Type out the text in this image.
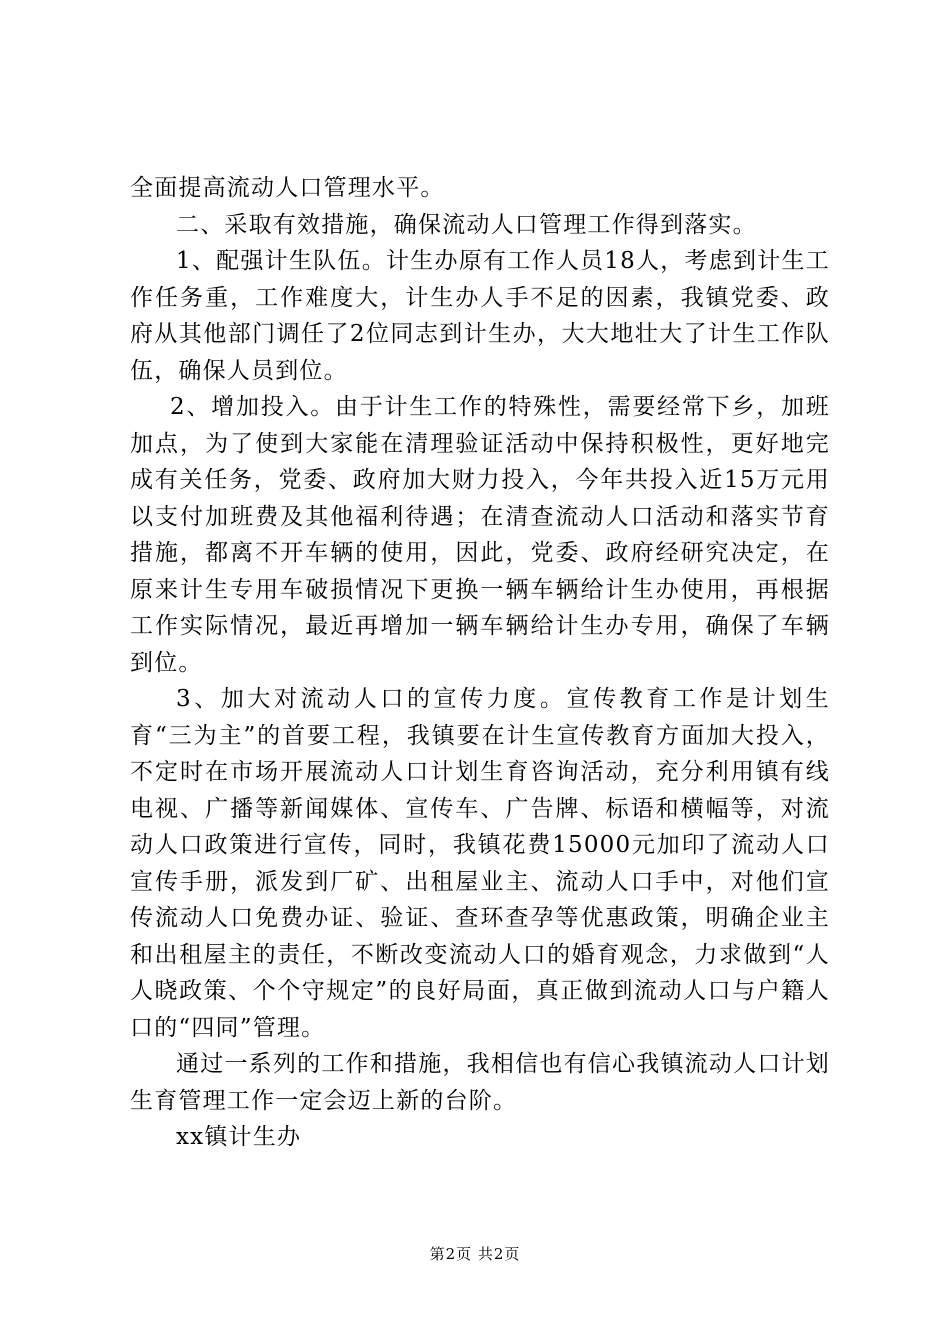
全面提高流动人口管理水平。

二、采取有效措施，确保流动人口管理工作得到落实。

1、配强计生队伍。计生办原有工作人员18人，考虑到计生工作任务重，工作难度大，计生办人手不足的因素，我镇党委、政府从其他部门调任了2位同志到计生办，大大地壮大了计生工作队伍，确保人员到位。

2、增加投入。由于计生工作的特殊性，需要经常下乡，加班加点，为了使到大家能在清理验证活动中保持积极性，更好地完成有关任务，党委、政府加大财力投入，今年共投入近15万元用以支付加班费及其他福利待遇；在清查流动人口活动和落实节育措施，都离不开车辆的使用，因此，党委、政府经研究决定，在原来计生专用车破损情况下更换一辆车辆给计生办使用，再根据工作实际情况，最近再增加一辆车辆给计生办专用，确保了车辆到位。

3、加大对流动人口的宣传力度。宣传教育工作是计划生育“三为主”的首要工程，我镇要在计生宣传教育方面加大投入，不定时在市场开展流动人口计划生育咨询活动，充分利用镇有线电视、广播等新闻媒体、宣传车、广告牌、标语和横幅等，对流动人口政策进行宣传，同时，我镇花费15000元加印了流动人口宣传手册，派发到厂矿、出租屋业主、流动人口手中，对他们宣传流动人口免费办证、验证、查环查孕等优惠政策，明确企业主和出租屋主的责任，不断改变流动人口的婚育观念，力求做到“人人晓政策、个个守规定”的良好局面，真正做到流动人口与户籍人口的“四同”管理。

通过一系列的工作和措施，我相信也有信心我镇流动人口计划生育管理工作一定会迈上新的台阶。

xx镇计生办

第2页 共2页
